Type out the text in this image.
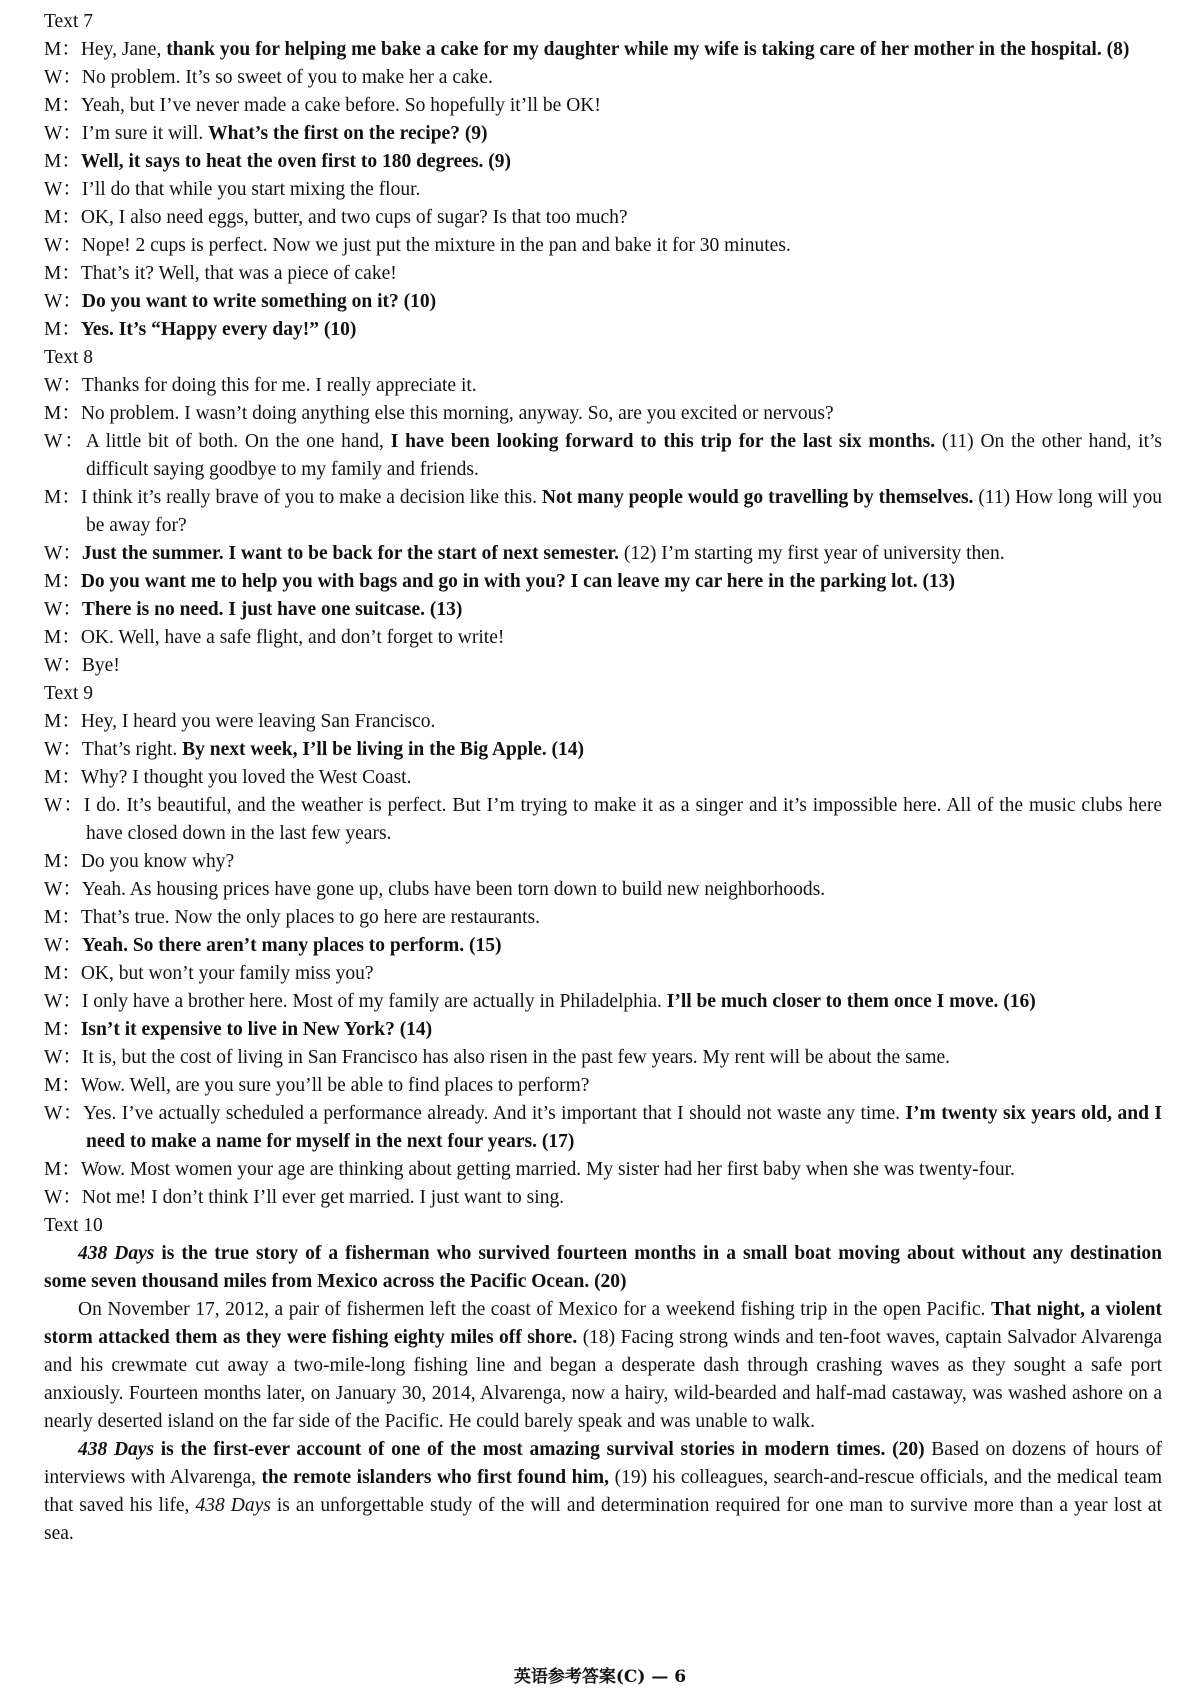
Text 7

M：Hey, Jane, thank you for helping me bake a cake for my daughter while my wife is taking care of her mother in the hospital. (8)

W：No problem. It’s so sweet of you to make her a cake.

M：Yeah, but I’ve never made a cake before. So hopefully it’ll be OK!

W：I’m sure it will. What’s the first on the recipe? (9)

M：Well, it says to heat the oven first to 180 degrees. (9)

W：I’ll do that while you start mixing the flour.

M：OK, I also need eggs, butter, and two cups of sugar? Is that too much?

W：Nope! 2 cups is perfect. Now we just put the mixture in the pan and bake it for 30 minutes.

M：That’s it? Well, that was a piece of cake!

W：Do you want to write something on it? (10)

M：Yes. It’s “Happy every day!” (10)

Text 8

W：Thanks for doing this for me. I really appreciate it.

M：No problem. I wasn’t doing anything else this morning, anyway. So, are you excited or nervous?

W：A little bit of both. On the one hand, I have been looking forward to this trip for the last six months. (11) On the other hand, it’s difficult saying goodbye to my family and friends.

M：I think it’s really brave of you to make a decision like this. Not many people would go travelling by themselves. (11) How long will you be away for?

W：Just the summer. I want to be back for the start of next semester. (12) I’m starting my first year of university then.

M：Do you want me to help you with bags and go in with you? I can leave my car here in the parking lot. (13)

W：There is no need. I just have one suitcase. (13)

M：OK. Well, have a safe flight, and don’t forget to write!

W：Bye!

Text 9

M：Hey, I heard you were leaving San Francisco.

W：That’s right. By next week, I’ll be living in the Big Apple. (14)

M：Why? I thought you loved the West Coast.

W：I do. It’s beautiful, and the weather is perfect. But I’m trying to make it as a singer and it’s impossible here. All of the music clubs here have closed down in the last few years.

M：Do you know why?

W：Yeah. As housing prices have gone up, clubs have been torn down to build new neighborhoods.

M：That’s true. Now the only places to go here are restaurants.

W：Yeah. So there aren’t many places to perform. (15)

M：OK, but won’t your family miss you?

W：I only have a brother here. Most of my family are actually in Philadelphia. I’ll be much closer to them once I move. (16)

M：Isn’t it expensive to live in New York? (14)

W：It is, but the cost of living in San Francisco has also risen in the past few years. My rent will be about the same.

M：Wow. Well, are you sure you’ll be able to find places to perform?

W：Yes. I’ve actually scheduled a performance already. And it’s important that I should not waste any time. I’m twenty six years old, and I need to make a name for myself in the next four years. (17)

M：Wow. Most women your age are thinking about getting married. My sister had her first baby when she was twenty-four.

W：Not me! I don’t think I’ll ever get married. I just want to sing.

Text 10

438 Days is the true story of a fisherman who survived fourteen months in a small boat moving about without any destination some seven thousand miles from Mexico across the Pacific Ocean. (20)

On November 17, 2012, a pair of fishermen left the coast of Mexico for a weekend fishing trip in the open Pacific. That night, a violent storm attacked them as they were fishing eighty miles off shore. (18) Facing strong winds and ten-foot waves, captain Salvador Alvarenga and his crewmate cut away a two-mile-long fishing line and began a desperate dash through crashing waves as they sought a safe port anxiously. Fourteen months later, on January 30, 2014, Alvarenga, now a hairy, wild-bearded and half-mad castaway, was washed ashore on a nearly deserted island on the far side of the Pacific. He could barely speak and was unable to walk.

438 Days is the first-ever account of one of the most amazing survival stories in modern times. (20) Based on dozens of hours of interviews with Alvarenga, the remote islanders who first found him, (19) his colleagues, search-and-rescue officials, and the medical team that saved his life, 438 Days is an unforgettable study of the will and determination required for one man to survive more than a year lost at sea.

英语参考答案(C) — 6
